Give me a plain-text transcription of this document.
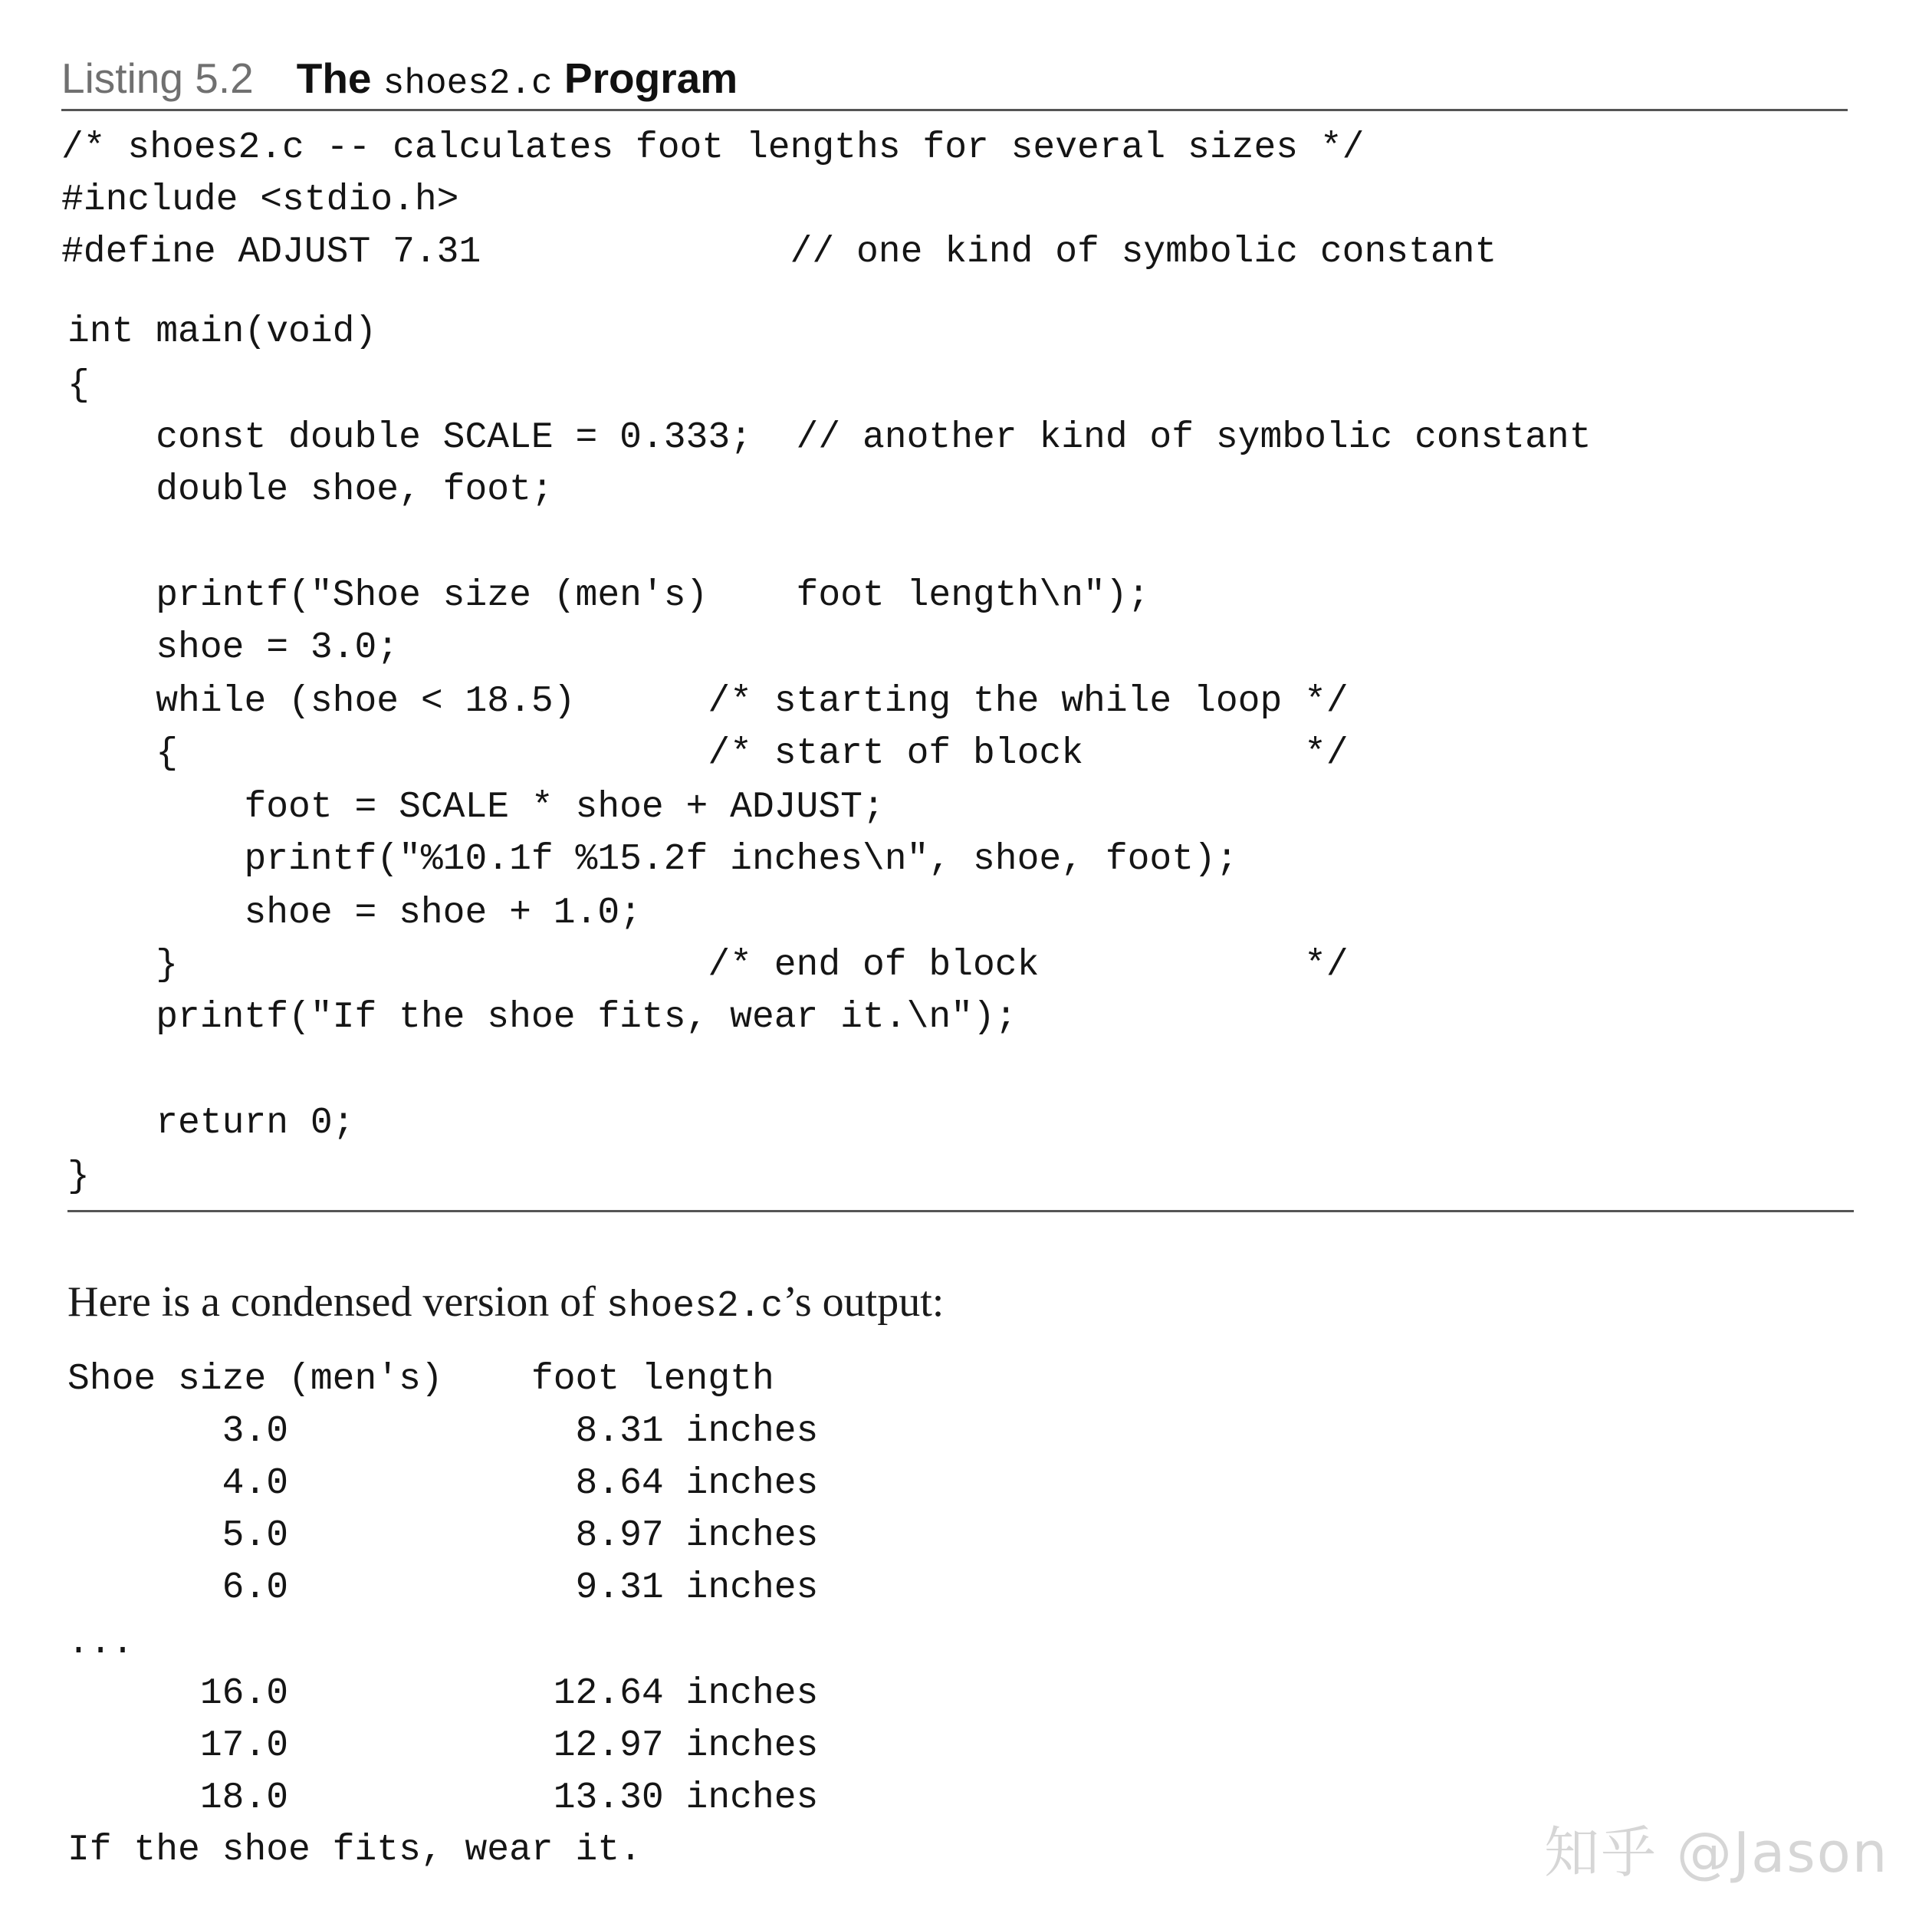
Listing 5.2 The shoes2.c Program
/* shoes2.c -- calculates foot lengths for several sizes */
#include <stdio.h>
#define ADJUST 7.31              // one kind of symbolic constant
int main(void)
{
const double SCALE = 0.333;  // another kind of symbolic constant
double shoe, foot;
printf("Shoe size (men's)    foot length\n");
shoe = 3.0;
while (shoe < 18.5)      /* starting the while loop */
{                        /* start of block          */
foot = SCALE * shoe + ADJUST;
printf("%10.1f %15.2f inches\n", shoe, foot);
shoe = shoe + 1.0;
}                        /* end of block            */
printf("If the shoe fits, wear it.\n");
return 0;
}
Here is a condensed version of shoes2.c’s output:
Shoe size (men's)    foot length
3.0             8.31 inches
4.0             8.64 inches
5.0             8.97 inches
6.0             9.31 inches
...
16.0            12.64 inches
17.0            12.97 inches
18.0            13.30 inches
If the shoe fits, wear it.	知乎 @Jason
